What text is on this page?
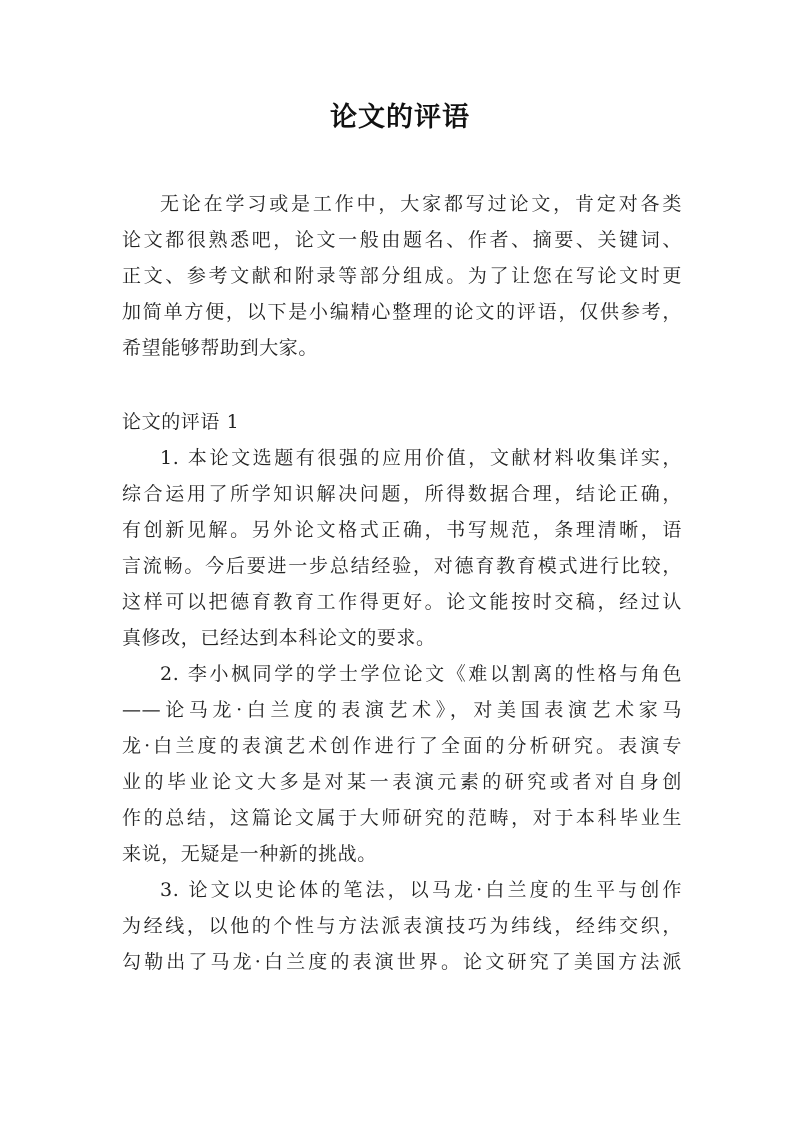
论文的评语
无论在学习或是工作中，大家都写过论文，肯定对各类
论文都很熟悉吧，论文一般由题名、作者、摘要、关键词、
正文、参考文献和附录等部分组成。为了让您在写论文时更
加简单方便，以下是小编精心整理的论文的评语，仅供参考，
希望能够帮助到大家。
论文的评语 1
1. 本论文选题有很强的应用价值，文献材料收集详实，
综合运用了所学知识解决问题，所得数据合理，结论正确，
有创新见解。另外论文格式正确，书写规范，条理清晰，语
言流畅。今后要进一步总结经验，对德育教育模式进行比较，
这样可以把德育教育工作得更好。论文能按时交稿，经过认
真修改，已经达到本科论文的要求。
2. 李小枫同学的学士学位论文《难以割离的性格与角色
——论马龙·白兰度的表演艺术》，对美国表演艺术家马
龙·白兰度的表演艺术创作进行了全面的分析研究。表演专
业的毕业论文大多是对某一表演元素的研究或者对自身创
作的总结，这篇论文属于大师研究的范畴，对于本科毕业生
来说，无疑是一种新的挑战。
3. 论文以史论体的笔法，以马龙·白兰度的生平与创作
为经线，以他的个性与方法派表演技巧为纬线，经纬交织，
勾勒出了马龙·白兰度的表演世界。论文研究了美国方法派
